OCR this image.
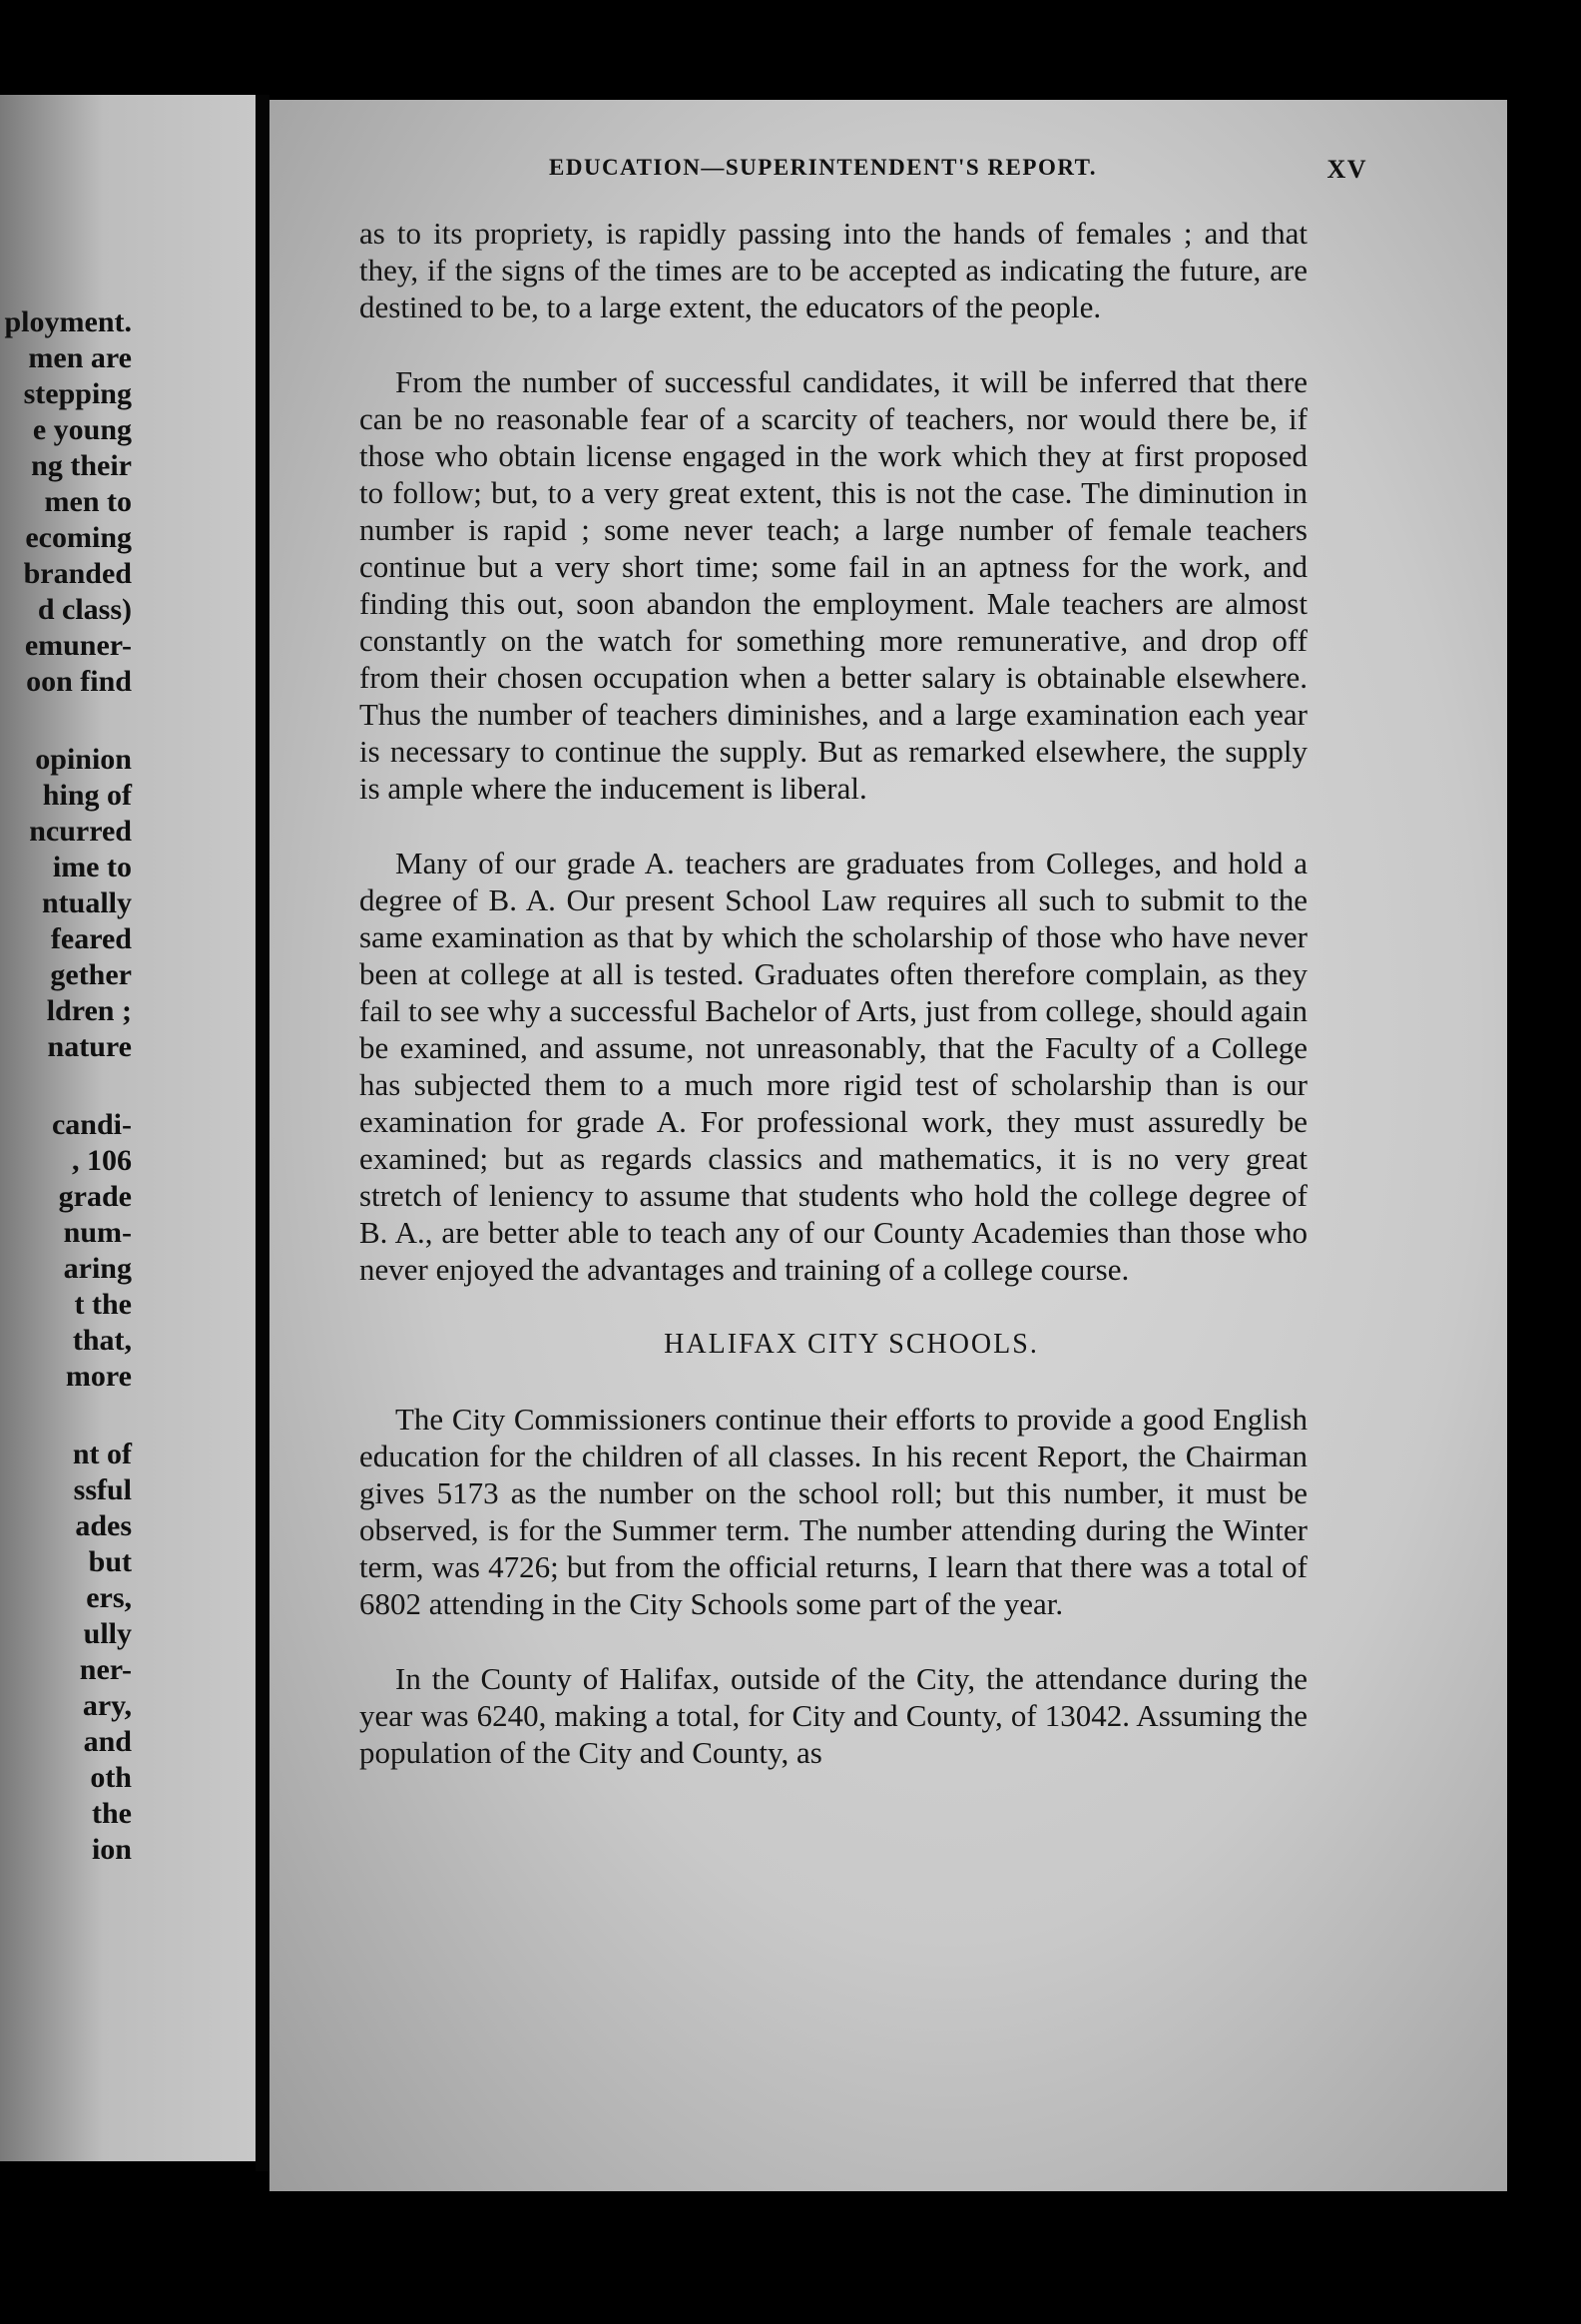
ployment.
men are
stepping
e young
ng their
men to
ecoming
branded
d class)
emuner-
oon find
opinion
hing of
ncurred
ime to
ntually
feared
gether
ldren ;
nature
candi-
, 106
grade
num-
aring
t the
that,
more
nt of
ssful
ades
but
ers,
ully
ner-
ary,
and
oth
the
ion
EDUCATION—SUPERINTENDENT'S REPORT.	XV

as to its propriety, is rapidly passing into the hands of females ; and that they, if the signs of the times are to be accepted as indicating the future, are destined to be, to a large extent, the educators of the people.

From the number of successful candidates, it will be inferred that there can be no reasonable fear of a scarcity of teachers, nor would there be, if those who obtain license engaged in the work which they at first proposed to follow; but, to a very great extent, this is not the case. The diminution in number is rapid ; some never teach; a large number of female teachers continue but a very short time; some fail in an aptness for the work, and finding this out, soon abandon the employment. Male teachers are almost constantly on the watch for something more remunerative, and drop off from their chosen occupation when a better salary is obtainable elsewhere. Thus the number of teachers diminishes, and a large examination each year is necessary to continue the supply. But as remarked elsewhere, the supply is ample where the inducement is liberal.

Many of our grade A. teachers are graduates from Colleges, and hold a degree of B. A. Our present School Law requires all such to submit to the same examination as that by which the scholarship of those who have never been at college at all is tested. Graduates often therefore complain, as they fail to see why a successful Bachelor of Arts, just from college, should again be examined, and assume, not unreasonably, that the Faculty of a College has subjected them to a much more rigid test of scholarship than is our examination for grade A. For professional work, they must assuredly be examined; but as regards classics and mathematics, it is no very great stretch of leniency to assume that students who hold the college degree of B. A., are better able to teach any of our County Academies than those who never enjoyed the advantages and training of a college course.

HALIFAX CITY SCHOOLS.

The City Commissioners continue their efforts to provide a good English education for the children of all classes. In his recent Report, the Chairman gives 5173 as the number on the school roll; but this number, it must be observed, is for the Summer term. The number attending during the Winter term, was 4726; but from the official returns, I learn that there was a total of 6802 attending in the City Schools some part of the year.

In the County of Halifax, outside of the City, the attendance during the year was 6240, making a total, for City and County, of 13042. Assuming the population of the City and County, as
